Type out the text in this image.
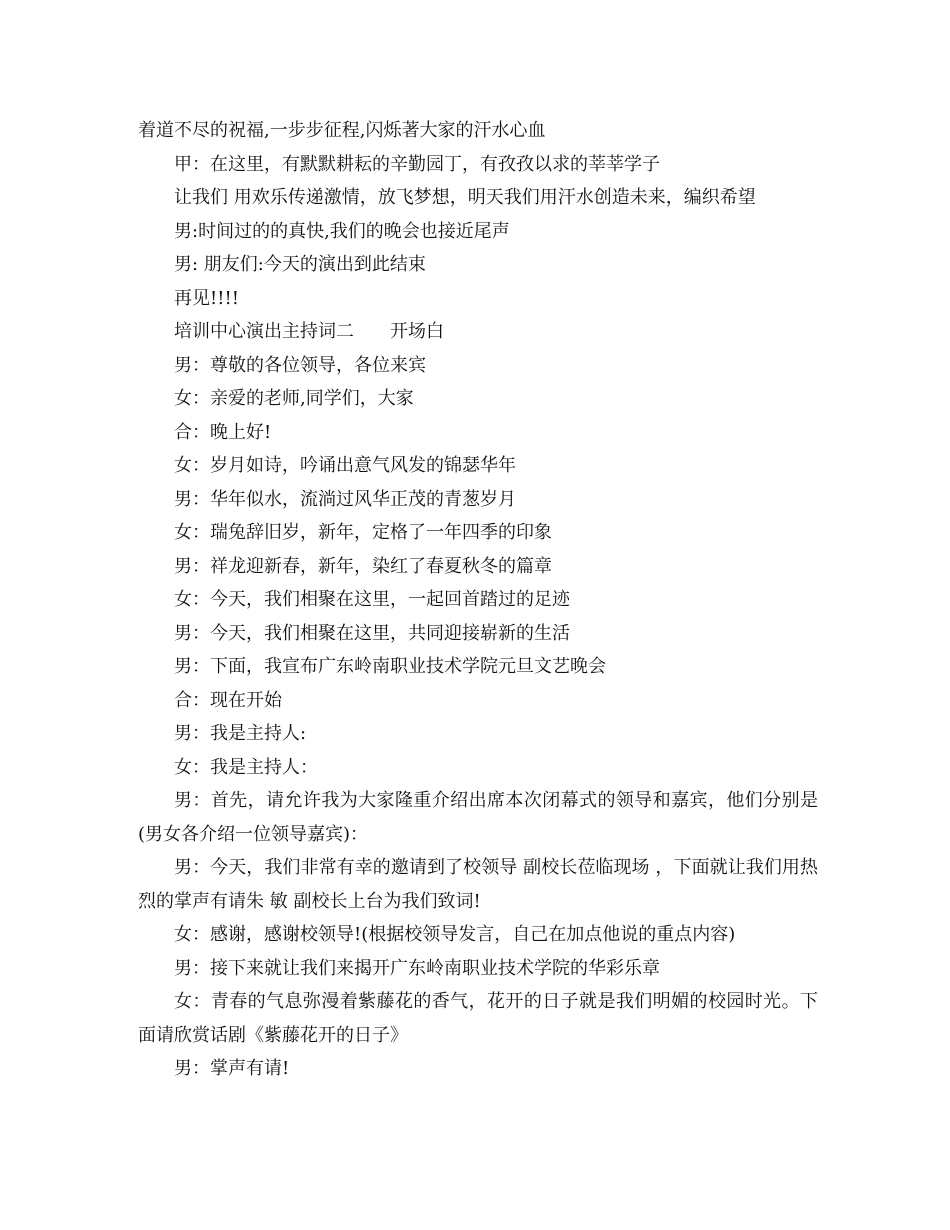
着道不尽的祝福,一步步征程,闪烁著大家的汗水心血

甲：在这里，有默默耕耘的辛勤园丁，有孜孜以求的莘莘学子

让我们 用欢乐传递激情，放飞梦想，明天我们用汗水创造未来，编织希望

男:时间过的的真快,我们的晚会也接近尾声

男: 朋友们:今天的演出到此结束

再见!!!!

培训中心演出主持词二　　开场白

男：尊敬的各位领导，各位来宾

女：亲爱的老师,同学们，大家

合：晚上好!

女：岁月如诗，吟诵出意气风发的锦瑟华年

男：华年似水，流淌过风华正茂的青葱岁月

女：瑞兔辞旧岁，新年，定格了一年四季的印象

男：祥龙迎新春，新年，染红了春夏秋冬的篇章

女：今天，我们相聚在这里，一起回首踏过的足迹

男：今天，我们相聚在这里，共同迎接崭新的生活

男：下面，我宣布广东岭南职业技术学院元旦文艺晚会

合：现在开始

男：我是主持人:

女：我是主持人：

男：首先，请允许我为大家隆重介绍出席本次闭幕式的领导和嘉宾，他们分别是(男女各介绍一位领导嘉宾)：

男：今天，我们非常有幸的邀请到了校领导 副校长莅临现场 ，下面就让我们用热烈的掌声有请朱 敏 副校长上台为我们致词!

女：感谢，感谢校领导!(根据校领导发言，自己在加点他说的重点内容)

男：接下来就让我们来揭开广东岭南职业技术学院的华彩乐章

女：青春的气息弥漫着紫藤花的香气，花开的日子就是我们明媚的校园时光。下面请欣赏话剧《紫藤花开的日子》

男：掌声有请!
